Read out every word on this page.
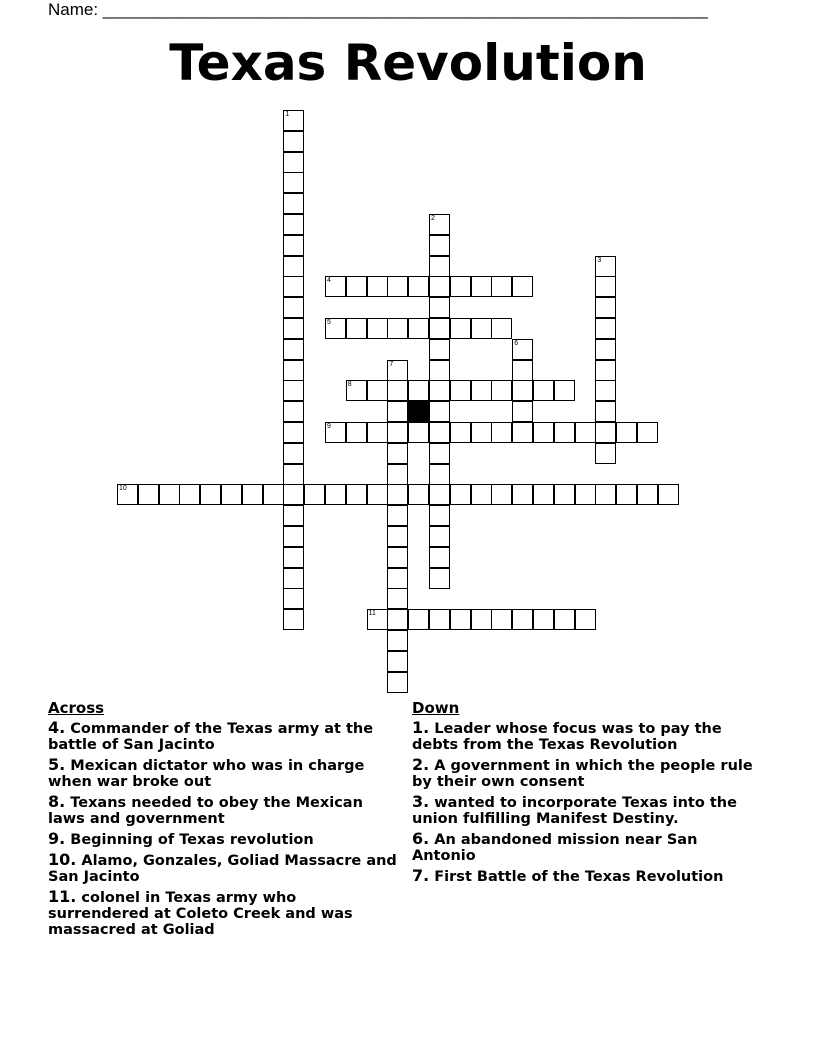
Name: ________________________________________________________________
Texas Revolution
1
2
3
4
5
6
7
8
9
10
11
Across
4. Commander of the Texas army at the battle of San Jacinto
5. Mexican dictator who was in charge when war broke out
8. Texans needed to obey the Mexican laws and government
9. Beginning of Texas revolution
10. Alamo, Gonzales, Goliad Massacre and San Jacinto
11. colonel in Texas army who surrendered at Coleto Creek and was massacred at Goliad
Down
1. Leader whose focus was to pay the debts from the Texas Revolution
2. A government in which the people rule by their own consent
3. wanted to incorporate Texas into the union fulfilling Manifest Destiny.
6. An abandoned mission near San Antonio
7. First Battle of the Texas Revolution
